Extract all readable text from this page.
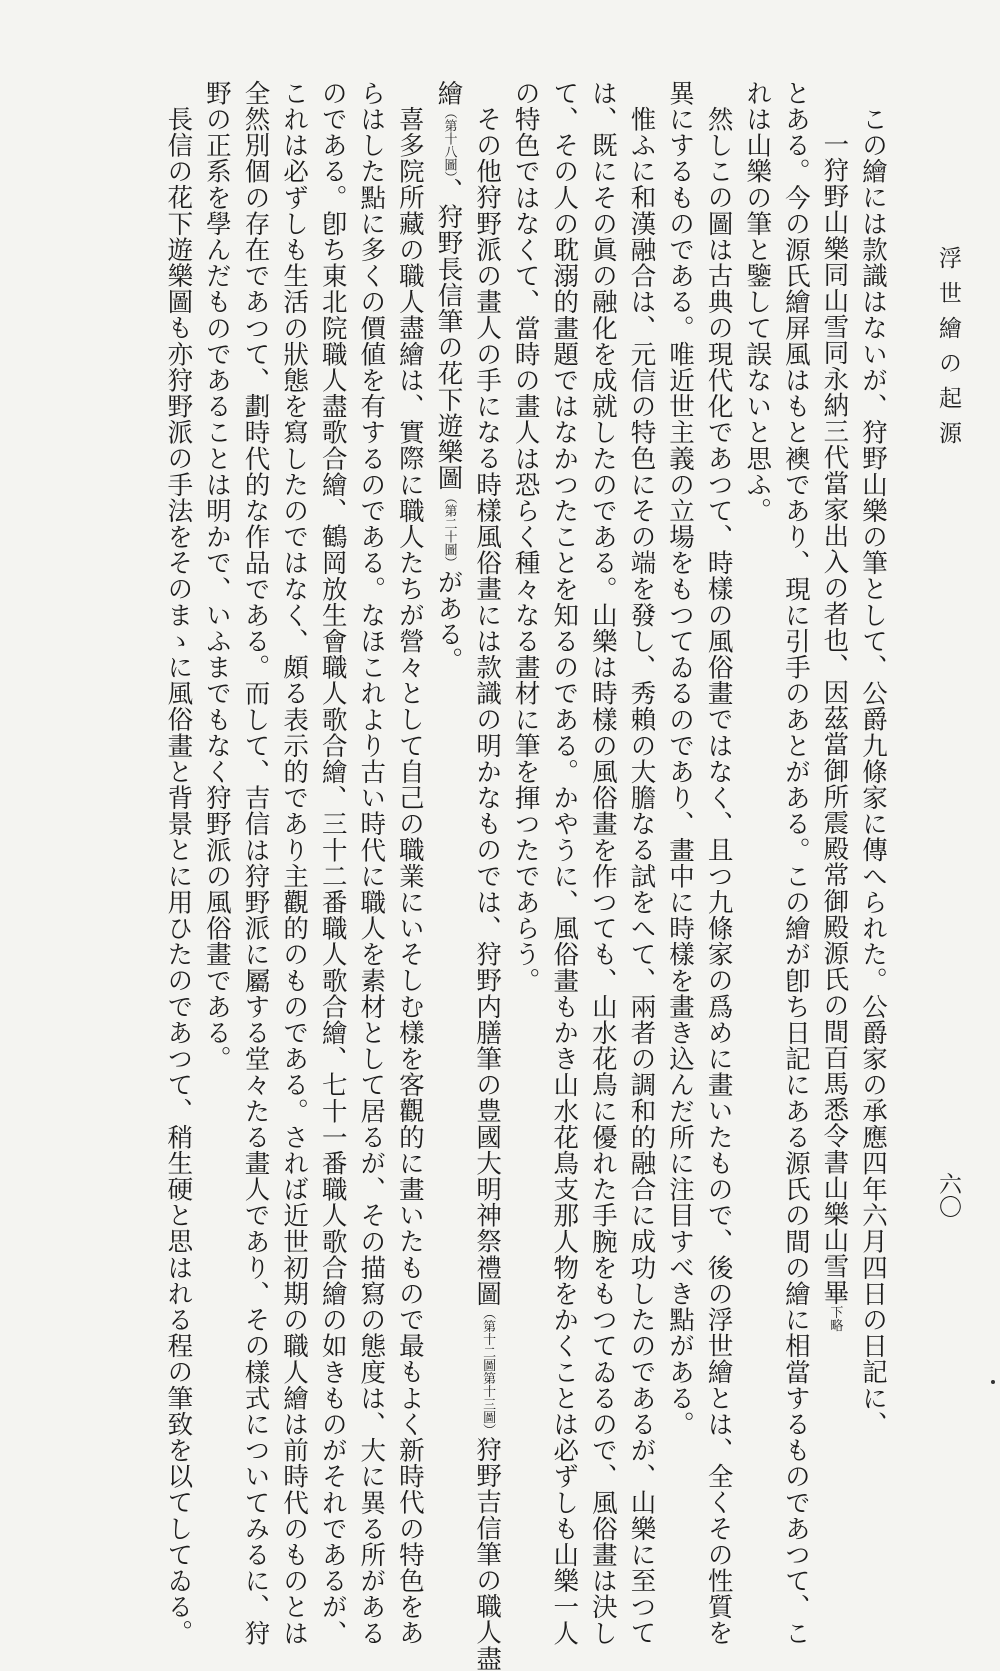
浮世繪の起源
六〇
この繪には款識はないが、狩野山樂の筆として、公爵九條家に傳へられた。公爵家の承應四年六月四日の日記に、
一狩野山樂同山雪同永納三代當家出入の者也、因茲當御所震殿常御殿源氏の間百馬悉令書山樂山雪畢下略
とある。今の源氏繪屏風はもと襖であり、現に引手のあとがある。この繪が卽ち日記にある源氏の間の繪に相當するものであつて、こ
れは山樂の筆と鑒して誤ないと思ふ。
然しこの圖は古典の現代化であつて、時樣の風俗畫ではなく、且つ九條家の爲めに畫いたもので、後の浮世繪とは、全くその性質を
異にするものである。唯近世主義の立場をもつてゐるのであり、畫中に時樣を畫き込んだ所に注目すべき點がある。
惟ふに和漢融合は、元信の特色にその端を發し、秀賴の大膽なる試をへて、兩者の調和的融合に成功したのであるが、山樂に至つて
は、既にその眞の融化を成就したのである。山樂は時樣の風俗畫を作つても、山水花鳥に優れた手腕をもつてゐるので、風俗畫は決し
て、その人の耽溺的畫題ではなかつたことを知るのである。かやうに、風俗畫もかき山水花鳥支那人物をかくことは必ずしも山樂一人
の特色ではなくて、當時の畫人は恐らく種々なる畫材に筆を揮つたであらう。
その他狩野派の畫人の手になる時樣風俗畫には款識の明かなものでは、狩野内膳筆の豊國大明神祭禮圖（第十二圖第十三圖）狩野吉信筆の職人盡
繪（第十八圖）、狩野長信筆の花下遊樂圖（第二十圖）がある。
喜多院所藏の職人盡繪は、實際に職人たちが營々として自己の職業にいそしむ樣を客觀的に畫いたもので最もよく新時代の特色をあ
らはした點に多くの價値を有するのである。なほこれより古い時代に職人を素材として居るが、その描寫の態度は、大に異る所がある
のである。卽ち東北院職人盡歌合繪、鶴岡放生會職人歌合繪、三十二番職人歌合繪、七十一番職人歌合繪の如きものがそれであるが、
これは必ずしも生活の狀態を寫したのではなく、頗る表示的であり主觀的のものである。されば近世初期の職人繪は前時代のものとは
全然別個の存在であつて、劃時代的な作品である。而して、吉信は狩野派に屬する堂々たる畫人であり、その樣式についてみるに、狩
野の正系を學んだものであることは明かで、いふまでもなく狩野派の風俗畫である。
長信の花下遊樂圖も亦狩野派の手法をそのまゝに風俗畫と背景とに用ひたのであつて、稍生硬と思はれる程の筆致を以てしてゐる。
